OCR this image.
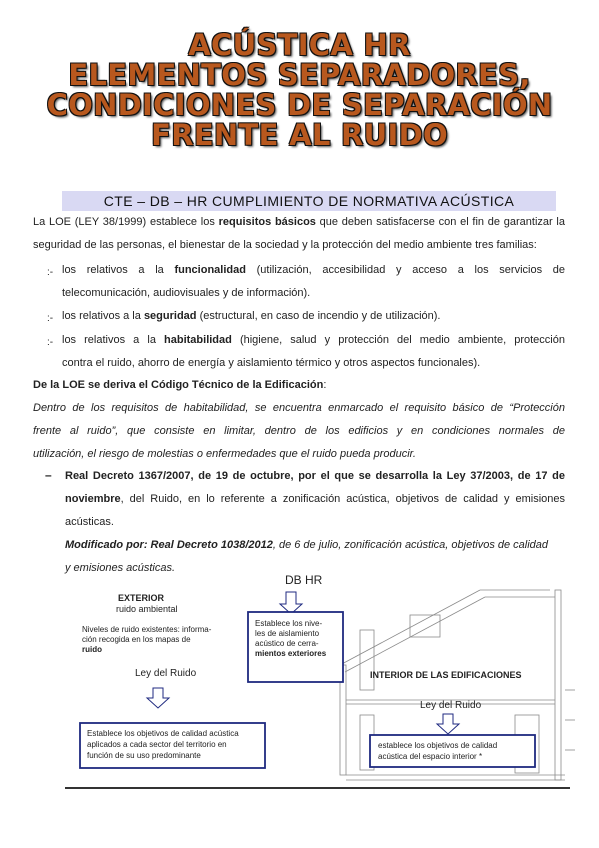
ACÚSTICA HR
ELEMENTOS SEPARADORES,
CONDICIONES DE SEPARACIÓN
FRENTE AL RUIDO
CTE – DB – HR CUMPLIMIENTO DE NORMATIVA ACÚSTICA
La LOE (LEY 38/1999) establece los requisitos básicos que deben satisfacerse con el fin de garantizar la
seguridad de las personas, el bienestar de la sociedad y la protección del medio ambiente tres familias:
:- los relativos a la funcionalidad (utilización, accesibilidad y acceso a los servicios de
telecomunicación, audiovisuales y de información).
:- los relativos a la seguridad (estructural, en caso de incendio y de utilización).
:- los relativos a la habitabilidad (higiene, salud y protección del medio ambiente, protección
contra el ruido, ahorro de energía y aislamiento térmico y otros aspectos funcionales).
De la LOE se deriva el Código Técnico de la Edificación:
Dentro de los requisitos de habitabilidad, se encuentra enmarcado el requisito básico de “Protección
frente al ruido”, que consiste en limitar, dentro de los edificios y en condiciones normales de
utilización, el riesgo de molestias o enfermedades que el ruido pueda producir.
– Real Decreto 1367/2007, de 19 de octubre, por el que se desarrolla la Ley 37/2003, de 17 de
noviembre, del Ruido, en lo referente a zonificación acústica, objetivos de calidad y emisiones
acústicas.
Modificado por: Real Decreto 1038/2012, de 6 de julio, zonificación acústica, objetivos de calidad
y emisiones acústicas.
DB HR
EXTERIOR
ruido ambiental
Niveles de ruido existentes: informa-
ción recogida en los mapas de
ruido
Ley del Ruido
Establece los nive-
les de aislamiento
acústico de cerra-
mientos exteriores
INTERIOR DE LAS EDIFICACIONES
Ley del Ruido
Establece los objetivos de calidad acústica
aplicados a cada sector del territorio en
función de su uso predominante
establece los objetivos de calidad
acústica del espacio interior *
